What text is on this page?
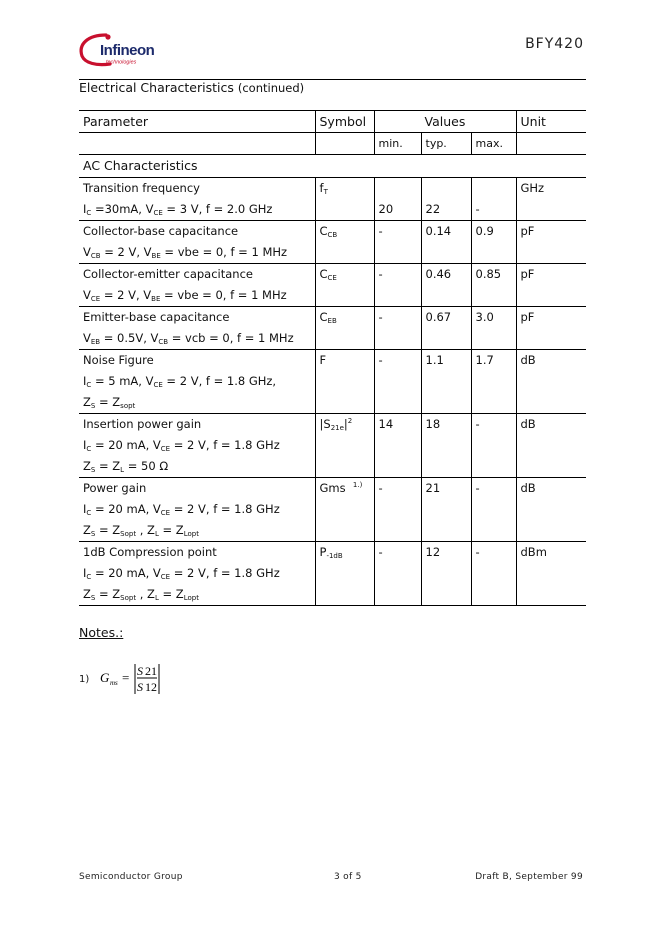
Infineon
technologies
BFY420
Electrical Characteristics (continued)
Parameter	Symbol	Values			Unit
		min.	typ.	max.	
AC Characteristics					

Transition frequency
$I_C =30mA$, $V_{CE} = 3$ V, f = 2.0 GHz	$f_T$	20	22	-	GHz

Collector-base capacitance
$V_{CB} = 2$ V, $V_{BE}$ = vbe = 0, f = 1 MHz	$C_{CB}$	-	0.14	0.9	pF

Collector-emitter capacitance
$V_{CE} = 2$ V, $V_{BE}$ = vbe = 0, f = 1 MHz	$C_{CE}$	-	0.46	0.85	pF

Emitter-base capacitance
$V_{EB} = 0.5V$, $V_{CB}$ = vcb = 0, f = 1 MHz	$C_{EB}$	-	0.67	3.0	pF

Noise Figure
$I_C = 5$ mA, $V_{CE} = 2$ V, f = 1.8 GHz,
$Z_S = Z_{sopt}$	F	-	1.1	1.7	dB

Insertion power gain
$I_C = 20$ mA, $V_{CE} = 2$ V, f = 1.8 GHz
$Z_S = Z_L = 50$ Ω	$|S_{21e}|^2$	14	18	-	dB

Power gain
$I_C = 20$ mA, $V_{CE} = 2$ V, f = 1.8 GHz
$Z_S = Z_{Sopt}$ , $Z_L = Z_{Lopt}$	Gms  $^{1.)}$	-	21	-	dB

1dB Compression point
$I_C = 20$ mA, $V_{CE} = 2$ V, f = 1.8 GHz
$Z_S = Z_{Sopt}$ , $Z_L = Z_{Lopt}$	$P_{-1dB}$	-	12	-	dBm
Notes.:
1) G ms = S 21
S 12
Semiconductor Group	3 of 5	Draft B, September 99
